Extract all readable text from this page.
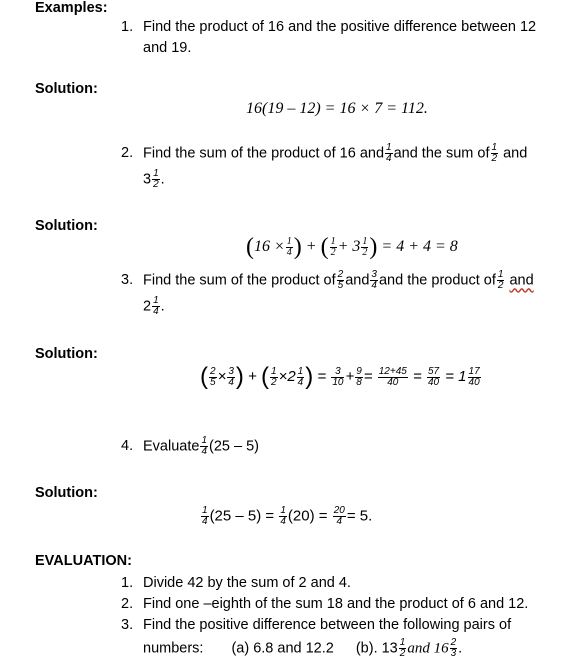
Examples:
1. Find the product of 16 and the positive difference between 12
and 19.
Solution:
16(19 – 12) = 16 × 7 = 112.
2. Find the sum of the product of 16 and $\frac{1}{4}$ and the sum of $\frac{1}{2}$ and
$3 \frac{1}{2}$ .
Solution:
($16 \times \frac{1}{4}$ ) + ( $\frac{1}{2} + 3 \frac{1}{2}$ ) = 4 + 4 = 8
3. Find the sum of the product of $\frac{2}{5}$ and $\frac{3}{4}$ and the product of $\frac{1}{2}$ and
$2 \frac{1}{4}$ .
Solution:
( $\frac{2}{5} \times \frac{3}{4}$ ) + ( $\frac{1}{2} \times 2 \frac{1}{4}$ ) = $\frac{3}{10} + \frac{9}{8} = \frac{12+45}{40} = \frac{57}{40} = 1 \frac{17}{40}$
4. Evaluate $\frac{1}{4} (25 - 5)$
Solution:
$\frac{1}{4} (25 - 5) = \frac{1}{4} (20) = \frac{20}{4} = 5$.
EVALUATION:
1. Divide 42 by the sum of 2 and 4.
2. Find one –eighth of the sum 18 and the product of 6 and 12.
3. Find the positive difference between the following pairs of
numbers: (a) 6.8 and 12.2 (b). $13 \frac{1}{2}$ and $16 \frac{2}{3}$ .
